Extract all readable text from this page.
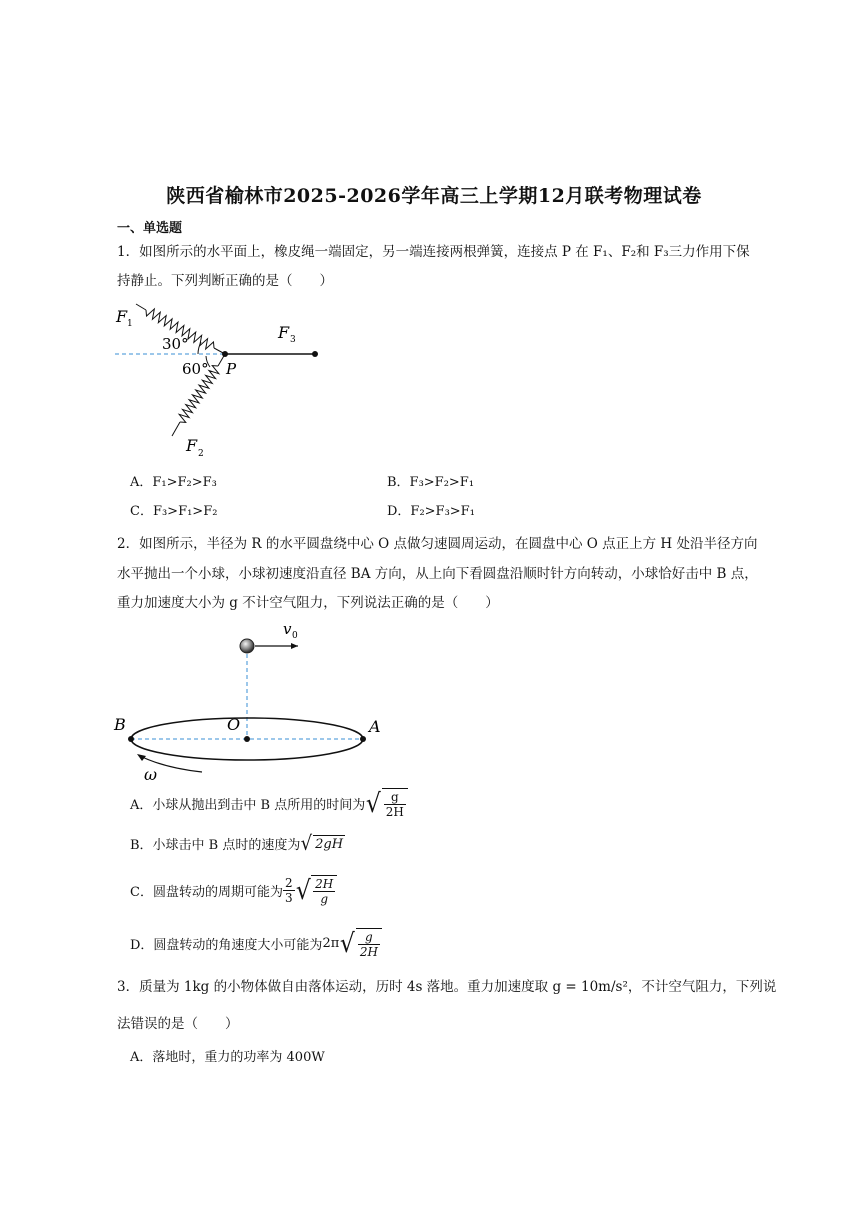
陕西省榆林市2025-2026学年高三上学期12月联考物理试卷
一、单选题
1．如图所示的水平面上，橡皮绳一端固定，另一端连接两根弹簧，连接点 P 在 F₁、F₂和 F₃三力作用下保
持静止。下列判断正确的是（　　）
30°
60° P
F 1	F 3
F 2
A．F₁>F₂>F₃	B．F₃>F₂>F₁
C．F₃>F₁>F₂	D．F₂>F₃>F₁
2．如图所示，半径为 R 的水平圆盘绕中心 O 点做匀速圆周运动，在圆盘中心 O 点正上方 H 处沿半径方向
水平抛出一个小球，小球初速度沿直径 BA 方向，从上向下看圆盘沿顺时针方向转动，小球恰好击中 B 点，
重力加速度大小为 g 不计空气阻力，下列说法正确的是（　　）
v 0
B	O	A
ω
A．小球从抛出到击中 B 点所用的时间为 √ $\frac{g}{2H}$
B．小球击中 B 点时的速度为 √ 2gH
C．圆盘转动的周期可能为 $\frac{2}{3}$ √ $\frac{2H}{g}$
D．圆盘转动的角速度大小可能为 2π √ $\frac{g}{2H}$
3．质量为 1kg 的小物体做自由落体运动，历时 4s 落地。重力加速度取 g = 10m/s²，不计空气阻力，下列说
法错误的是（　　）
A．落地时，重力的功率为 400W
